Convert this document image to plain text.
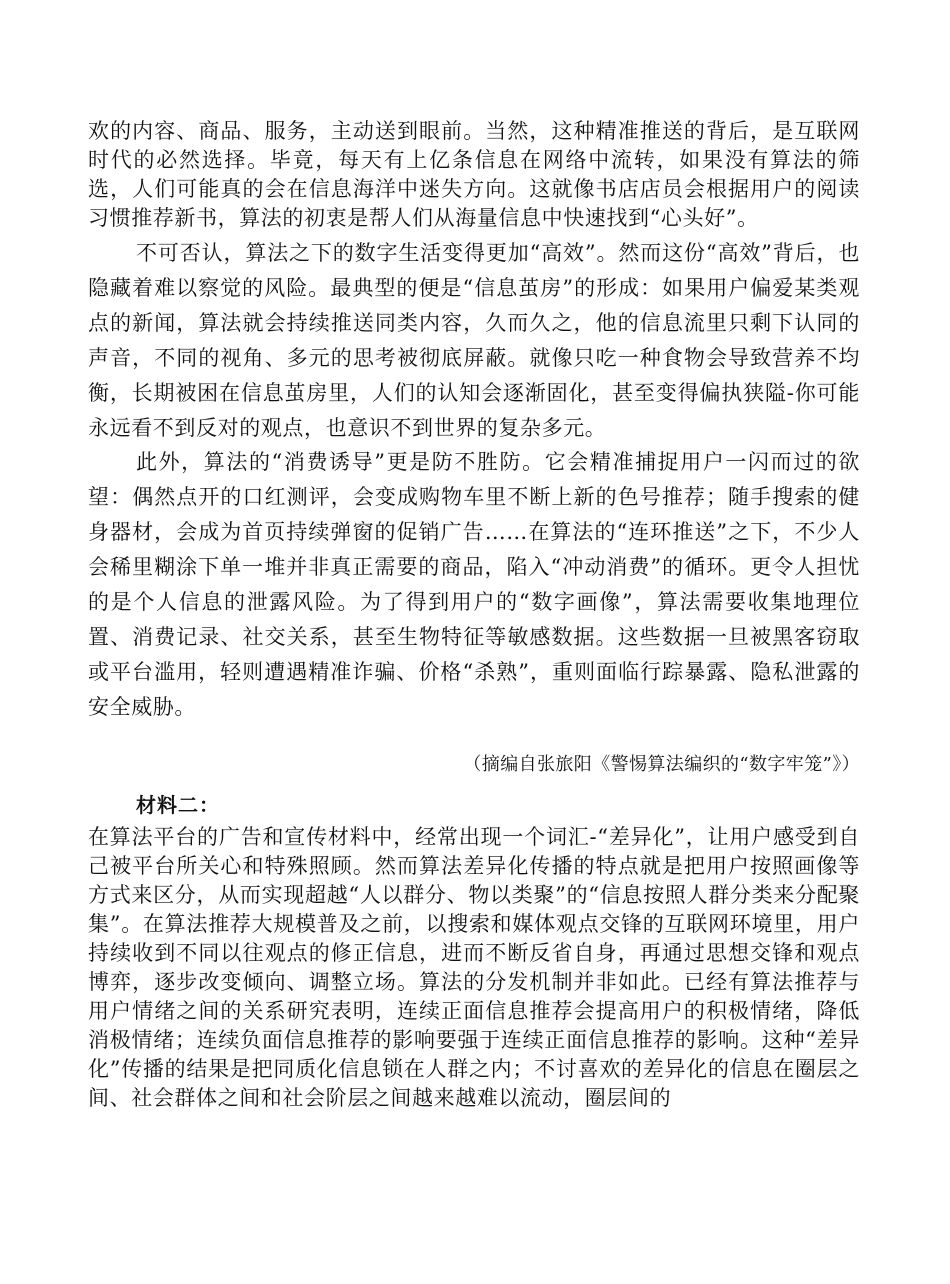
欢的内容、商品、服务，主动送到眼前。当然，这种精准推送的背后，是互联网时代的必然选择。毕竟，每天有上亿条信息在网络中流转，如果没有算法的筛选，人们可能真的会在信息海洋中迷失方向。这就像书店店员会根据用户的阅读习惯推荐新书，算法的初衷是帮人们从海量信息中快速找到“心头好”。

不可否认，算法之下的数字生活变得更加“高效”。然而这份“高效”背后，也隐藏着难以察觉的风险。最典型的便是“信息茧房”的形成：如果用户偏爱某类观点的新闻，算法就会持续推送同类内容，久而久之，他的信息流里只剩下认同的声音，不同的视角、多元的思考被彻底屏蔽。就像只吃一种食物会导致营养不均衡，长期被困在信息茧房里，人们的认知会逐渐固化，甚至变得偏执狭隘-你可能永远看不到反对的观点，也意识不到世界的复杂多元。

此外，算法的“消费诱导”更是防不胜防。它会精准捕捉用户一闪而过的欲望：偶然点开的口红测评，会变成购物车里不断上新的色号推荐；随手搜索的健身器材，会成为首页持续弹窗的促销广告……在算法的“连环推送”之下，不少人会稀里糊涂下单一堆并非真正需要的商品，陷入“冲动消费”的循环。更令人担忧的是个人信息的泄露风险。为了得到用户的“数字画像”，算法需要收集地理位置、消费记录、社交关系，甚至生物特征等敏感数据。这些数据一旦被黑客窃取或平台滥用，轻则遭遇精准诈骗、价格“杀熟”，重则面临行踪暴露、隐私泄露的安全威胁。

（摘编自张旅阳《警惕算法编织的“数字牢笼”》）

材料二：

在算法平台的广告和宣传材料中，经常出现一个词汇-“差异化”，让用户感受到自己被平台所关心和特殊照顾。然而算法差异化传播的特点就是把用户按照画像等方式来区分，从而实现超越“人以群分、物以类聚”的“信息按照人群分类来分配聚集”。在算法推荐大规模普及之前，以搜索和媒体观点交锋的互联网环境里，用户持续收到不同以往观点的修正信息，进而不断反省自身，再通过思想交锋和观点博弈，逐步改变倾向、调整立场。算法的分发机制并非如此。已经有算法推荐与用户情绪之间的关系研究表明，连续正面信息推荐会提高用户的积极情绪，降低消极情绪；连续负面信息推荐的影响要强于连续正面信息推荐的影响。这种“差异化”传播的结果是把同质化信息锁在人群之内；不讨喜欢的差异化的信息在圈层之间、社会群体之间和社会阶层之间越来越难以流动，圈层间的
